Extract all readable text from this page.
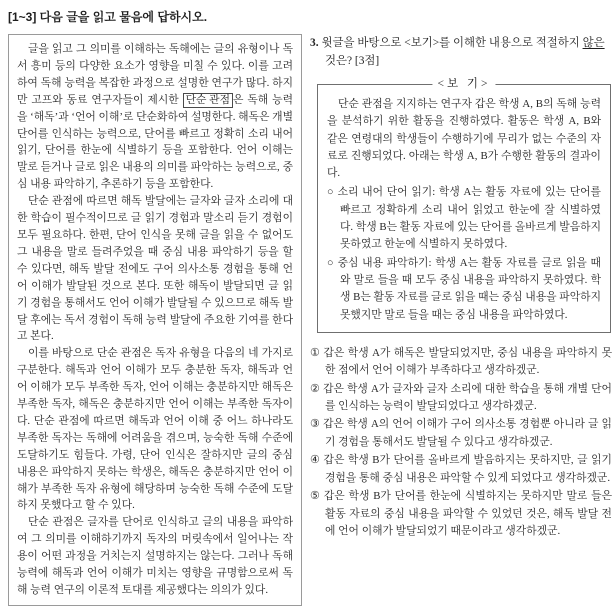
[1~3] 다음 글을 읽고 물음에 답하시오.

글을 읽고 그 의미를 이해하는 독해에는 글의 유형이나 독서 흥미 등의 다양한 요소가 영향을 미칠 수 있다. 이를 고려하여 독해 능력을 복잡한 과정으로 설명한 연구가 많다. 하지만 고프와 동료 연구자들이 제시한 단순 관점 은 독해 능력을 ‘해독’과 ‘언어 이해’로 단순화하여 설명한다. 해독은 개별 단어를 인식하는 능력으로, 단어를 빠르고 정확히 소리 내어 읽기, 단어를 한눈에 식별하기 등을 포함한다. 언어 이해는 말로 듣거나 글로 읽은 내용의 의미를 파악하는 능력으로, 중심 내용 파악하기, 추론하기 등을 포함한다.

단순 관점에 따르면 해독 발달에는 글자와 글자 소리에 대한 학습이 필수적이므로 글 읽기 경험과 말소리 듣기 경험이 모두 필요하다. 한편, 단어 인식을 못해 글을 읽을 수 없어도 그 내용을 말로 들려주었을 때 중심 내용 파악하기 등을 할 수 있다면, 해독 발달 전에도 구어 의사소통 경험을 통해 언어 이해가 발달된 것으로 본다. 또한 해독이 발달되면 글 읽기 경험을 통해서도 언어 이해가 발달될 수 있으므로 해독 발달 후에는 독서 경험이 독해 능력 발달에 주요한 기여를 한다고 본다.

이를 바탕으로 단순 관점은 독자 유형을 다음의 네 가지로 구분한다. 해독과 언어 이해가 모두 충분한 독자, 해독과 언어 이해가 모두 부족한 독자, 언어 이해는 충분하지만 해독은 부족한 독자, 해독은 충분하지만 언어 이해는 부족한 독자이다. 단순 관점에 따르면 해독과 언어 이해 중 어느 하나라도 부족한 독자는 독해에 어려움을 겪으며, 능숙한 독해 수준에 도달하기도 힘들다. 가령, 단어 인식은 잘하지만 글의 중심 내용은 파악하지 못하는 학생은, 해독은 충분하지만 언어 이해가 부족한 독자 유형에 해당하며 능숙한 독해 수준에 도달하지 못했다고 할 수 있다.

단순 관점은 글자를 단어로 인식하고 글의 내용을 파악하여 그 의미를 이해하기까지 독자의 머릿속에서 일어나는 작용이 어떤 과정을 거치는지 설명하지는 않는다. 그러나 독해 능력에 해독과 언어 이해가 미치는 영향을 규명함으로써 독해 능력 연구의 이론적 토대를 제공했다는 의의가 있다.

3. 윗글을 바탕으로 <보기>를 이해한 내용으로 적절하지 않은 것은? [3점]
<보 기>

단순 관점을 지지하는 연구자 갑은 학생 A, B의 독해 능력을 분석하기 위한 활동을 진행하였다. 활동은 학생 A, B와 같은 연령대의 학생들이 수행하기에 무리가 없는 수준의 자료로 진행되었다. 아래는 학생 A, B가 수행한 활동의 결과이다.

○ 소리 내어 단어 읽기: 학생 A는 활동 자료에 있는 단어를 빠르고 정확하게 소리 내어 읽었고 한눈에 잘 식별하였다. 학생 B는 활동 자료에 있는 단어를 올바르게 발음하지 못하였고 한눈에 식별하지 못하였다.
○ 중심 내용 파악하기: 학생 A는 활동 자료를 글로 읽을 때와 말로 들을 때 모두 중심 내용을 파악하지 못하였다. 학생 B는 활동 자료를 글로 읽을 때는 중심 내용을 파악하지 못했지만 말로 들을 때는 중심 내용을 파악하였다.
① 갑은 학생 A가 해독은 발달되었지만, 중심 내용을 파악하지 못한 점에서 언어 이해가 부족하다고 생각하겠군.
② 갑은 학생 A가 글자와 글자 소리에 대한 학습을 통해 개별 단어를 인식하는 능력이 발달되었다고 생각하겠군.
③ 갑은 학생 A의 언어 이해가 구어 의사소통 경험뿐 아니라 글 읽기 경험을 통해서도 발달될 수 있다고 생각하겠군.
④ 갑은 학생 B가 단어를 올바르게 발음하지는 못하지만, 글 읽기 경험을 통해 중심 내용은 파악할 수 있게 되었다고 생각하겠군.
⑤ 갑은 학생 B가 단어를 한눈에 식별하지는 못하지만 말로 들은 활동 자료의 중심 내용을 파악할 수 있었던 것은, 해독 발달 전에 언어 이해가 발달되었기 때문이라고 생각하겠군.
